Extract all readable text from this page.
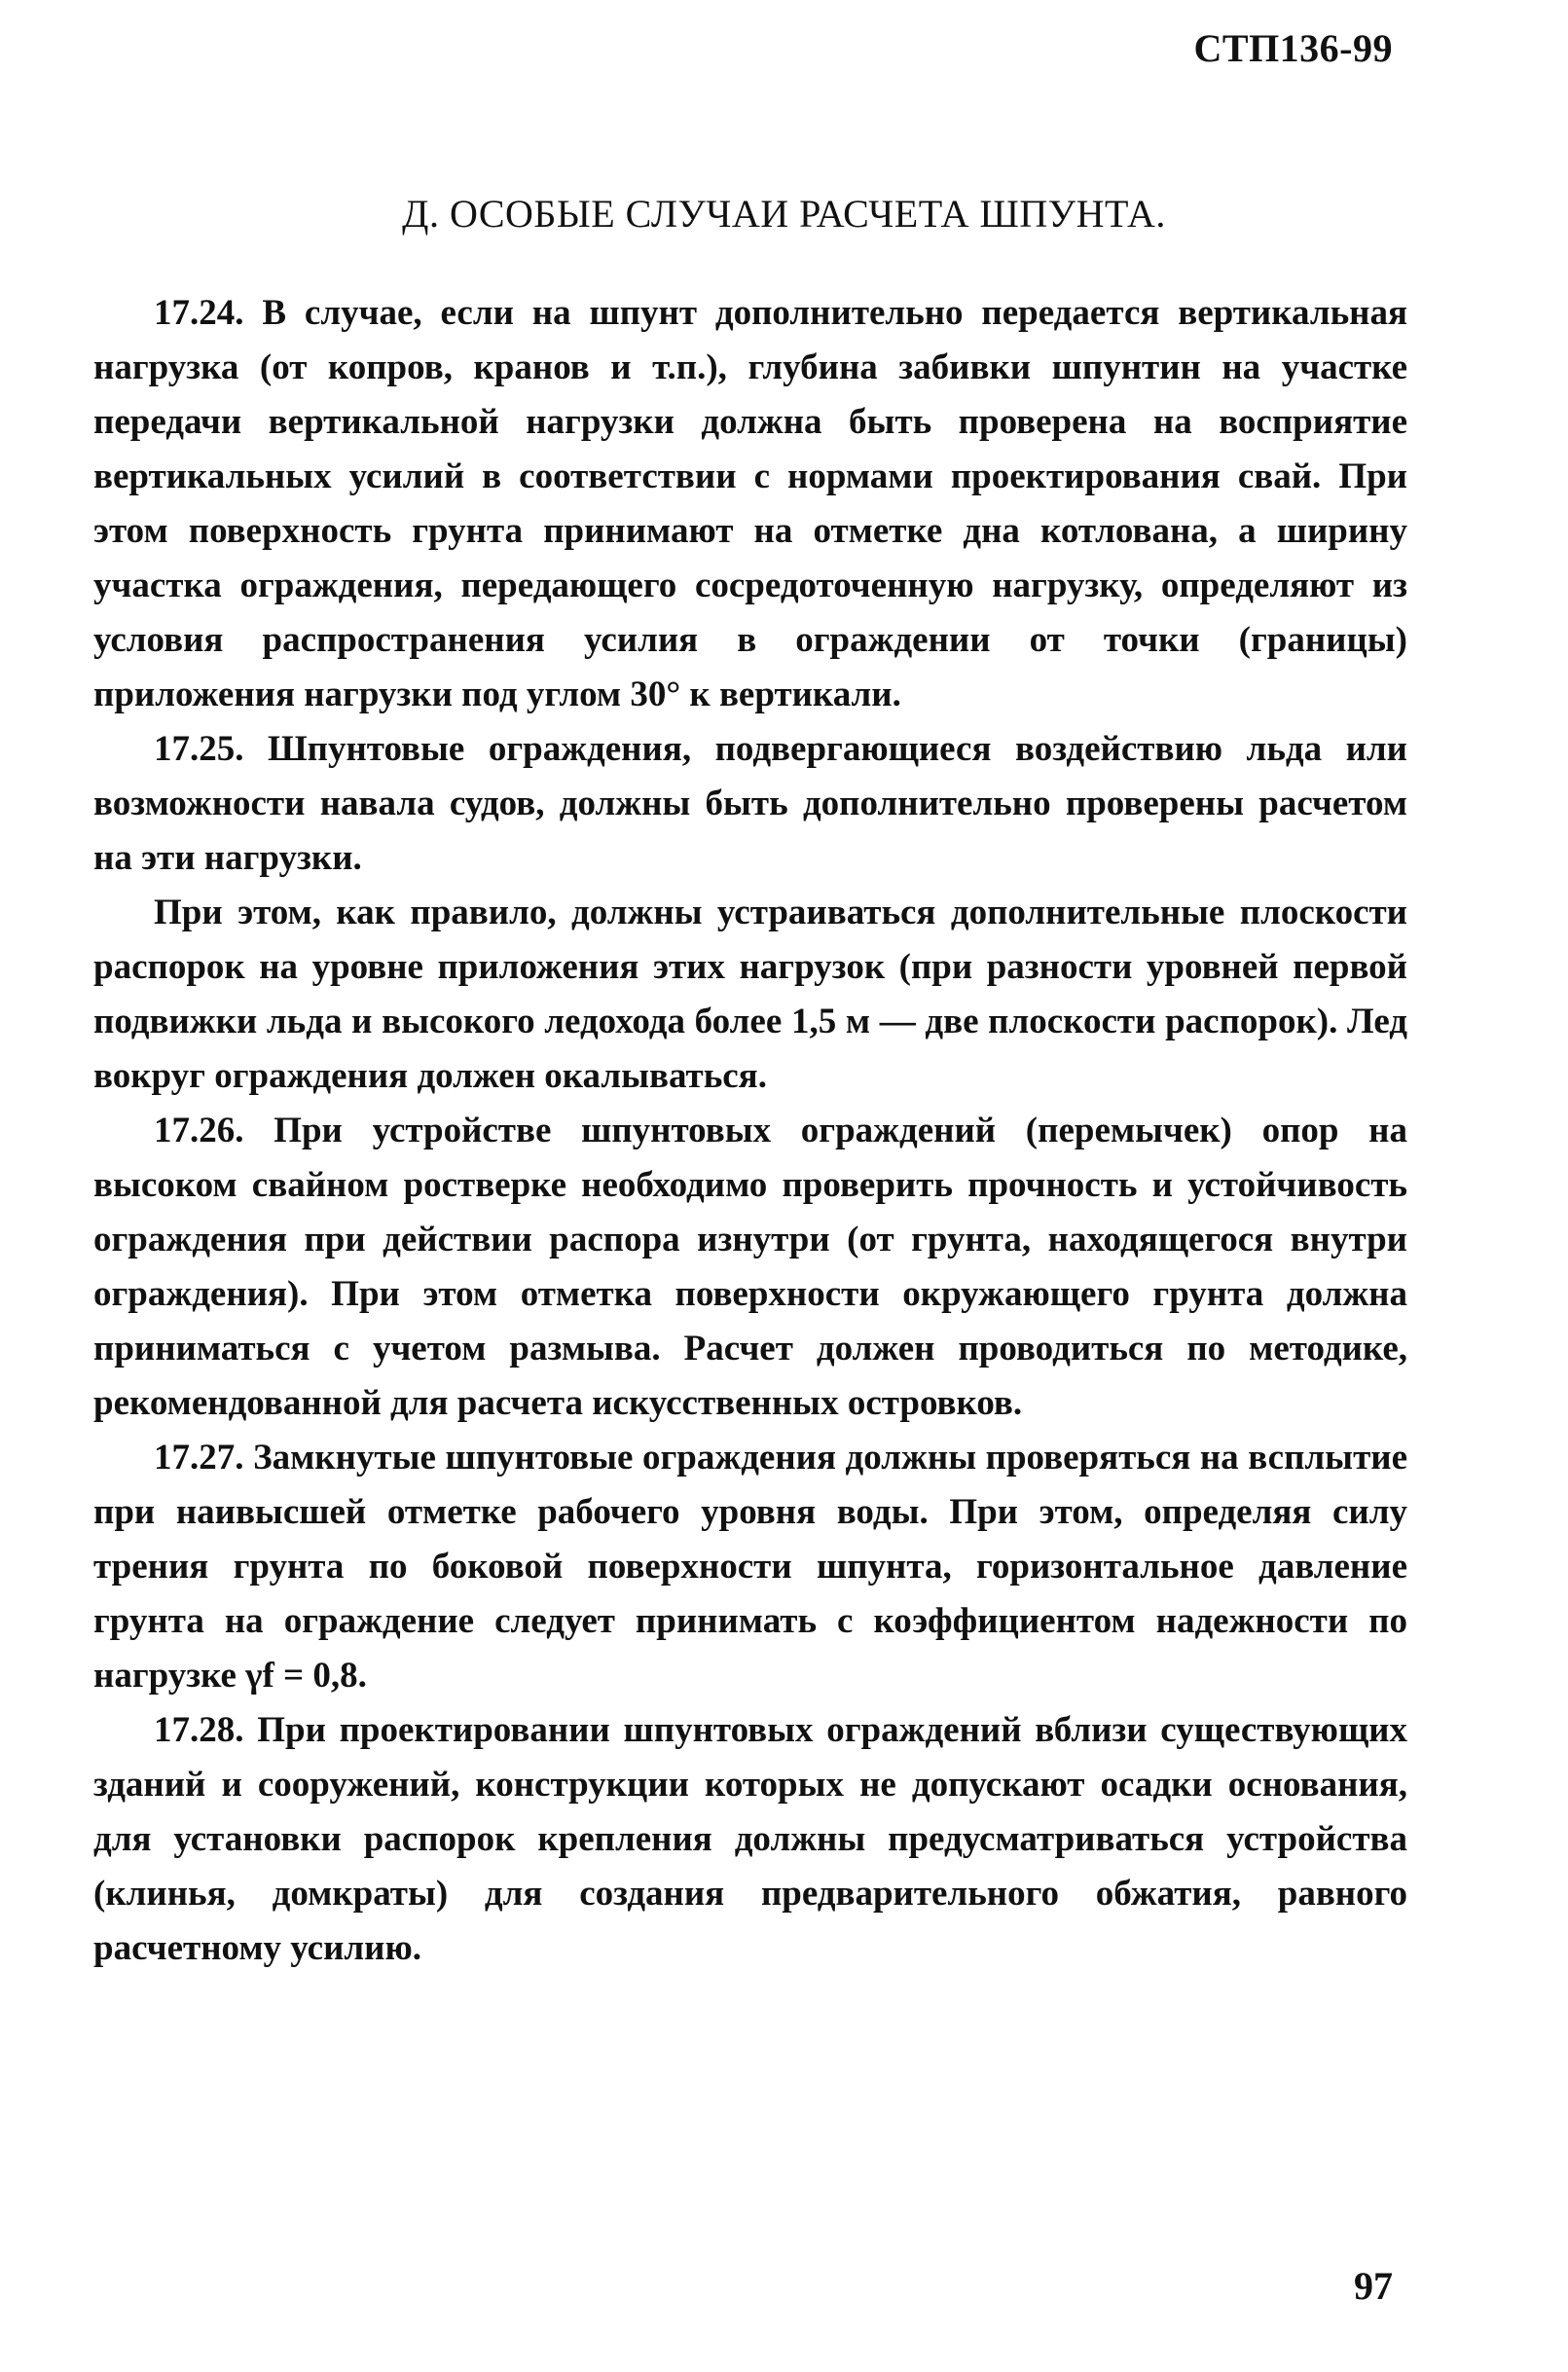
СТП136-99
Д. ОСОБЫЕ СЛУЧАИ РАСЧЕТА ШПУНТА.

17.24. В случае, если на шпунт дополнительно передается вертикальная нагрузка (от копров, кранов и т.п.), глубина забивки шпунтин на участке передачи вертикальной нагрузки должна быть проверена на восприятие вертикальных усилий в соответствии с нормами проектирования свай. При этом поверхность грунта принимают на отметке дна котлована, а ширину участка ограждения, передающего сосредоточенную нагрузку, определяют из условия распространения усилия в ограждении от точки (границы) приложения нагрузки под углом 30° к вертикали.

17.25. Шпунтовые ограждения, подвергающиеся воздействию льда или возможности навала судов, должны быть дополнительно проверены расчетом на эти нагрузки.

При этом, как правило, должны устраиваться дополнительные плоскости распорок на уровне приложения этих нагрузок (при разности уровней первой подвижки льда и высокого ледохода более 1,5 м — две плоскости распорок). Лед вокруг ограждения должен окалываться.

17.26. При устройстве шпунтовых ограждений (перемычек) опор на высоком свайном ростверке необходимо проверить прочность и устойчивость ограждения при действии распора изнутри (от грунта, находящегося внутри ограждения). При этом отметка поверхности окружающего грунта должна приниматься с учетом размыва. Расчет должен проводиться по методике, рекомендованной для расчета искусственных островков.

17.27. Замкнутые шпунтовые ограждения должны проверяться на всплытие при наивысшей отметке рабочего уровня воды. При этом, определяя силу трения грунта по боковой поверхности шпунта, горизонтальное давление грунта на ограждение следует принимать с коэффициентом надежности по нагрузке γf = 0,8.

17.28. При проектировании шпунтовых ограждений вблизи существующих зданий и сооружений, конструкции которых не допускают осадки основания, для установки распорок крепления должны предусматриваться устройства (клинья, домкраты) для создания предварительного обжатия, равного расчетному усилию.

97
